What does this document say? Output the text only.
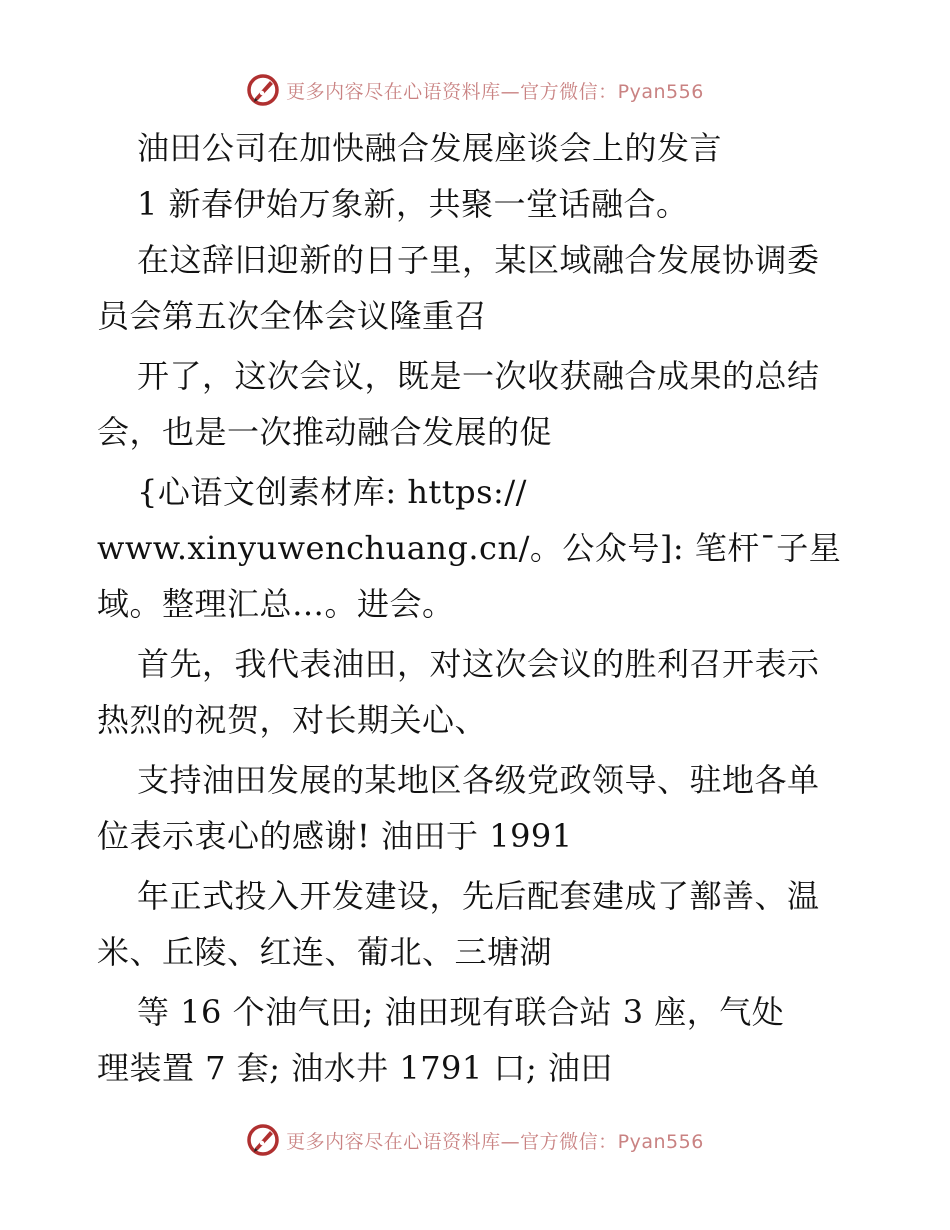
更多内容尽在心语资料库—官方微信：Pyan556
油田公司在加快融合发展座谈会上的发言
1 新春伊始万象新，共聚一堂话融合。
在这辞旧迎新的日子里，某区域融合发展协调委
员会第五次全体会议隆重召
开了，这次会议，既是一次收获融合成果的总结
会，也是一次推动融合发展的促
{心语文创素材库: https://
www.xinyuwenchuang.cn/。公众号]: 笔杆¯子星
域。整理汇总…。进会。
首先，我代表油田，对这次会议的胜利召开表示
热烈的祝贺，对长期关心、
支持油田发展的某地区各级党政领导、驻地各单
位表示衷心的感谢! 油田于 1991
年正式投入开发建设，先后配套建成了鄯善、温
米、丘陵、红连、葡北、三塘湖
等 16 个油气田; 油田现有联合站 3 座，气处
理装置 7 套; 油水井 1791 口; 油田
更多内容尽在心语资料库—官方微信：Pyan556
